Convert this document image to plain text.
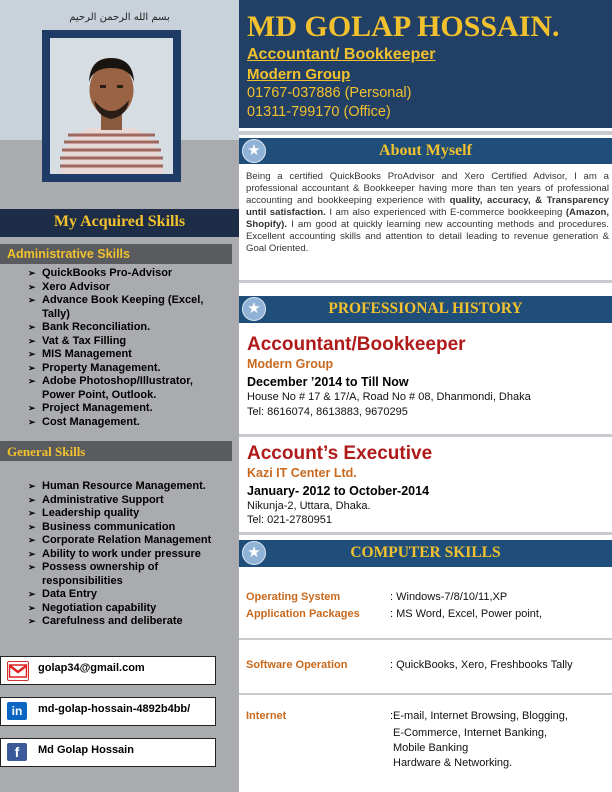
بسم الله الرحمن الرحيم
My Acquired Skills
Administrative Skills
➢ QuickBooks Pro-Advisor
➢ Xero Advisor
➢ Advance Book Keeping (Excel, Tally)
➢ Bank Reconciliation.
➢ Vat & Tax Filling
➢ MIS Management
➢ Property Management.
➢ Adobe Photoshop/Illustrator, Power Point, Outlook.
➢ Project Management.
➢ Cost Management.
General Skills
➢ Human Resource Management.
➢ Administrative Support
➢ Leadership quality
➢ Business communication
➢ Corporate Relation Management
➢ Ability to work under pressure
➢ Possess ownership of responsibilities
➢ Data Entry
➢ Negotiation capability
➢ Carefulness and deliberate
golap34@gmail.com
in	md-golap-hossain-4892b4bb/
f	Md Golap Hossain
MD GOLAP HOSSAIN.
Accountant/ Bookkeeper
Modern Group
01767-037886 (Personal)
01311-799170 (Office)
★	About Myself
Being a certified QuickBooks ProAdvisor and Xero Certified Advisor, I am a professional accountant & Bookkeeper having more than ten years of professional accounting and bookkeeping experience with quality, accuracy, & Transparency until satisfaction. I am also experienced with E-commerce bookkeeping (Amazon, Shopify). I am good at quickly learning new accounting methods and procedures. Excellent accounting skills and attention to detail leading to revenue generation & Goal Oriented.
★	PROFESSIONAL HISTORY
Accountant/Bookkeeper
Modern Group
December ’2014 to Till Now
House No # 17 & 17/A, Road No # 08, Dhanmondi, Dhaka
Tel: 8616074, 8613883, 9670295
Account’s Executive
Kazi IT Center Ltd.
January- 2012 to October-2014
Nikunja-2, Uttara, Dhaka.
Tel: 021-2780951
★	COMPUTER SKILLS
Operating System	: Windows-7/8/10/11,XP
Application Packages	: MS Word, Excel, Power point,
Software Operation	: QuickBooks, Xero, Freshbooks Tally
Internet	:E-mail, Internet Browsing, Blogging,
E-Commerce, Internet Banking,
Mobile Banking
Hardware & Networking.
